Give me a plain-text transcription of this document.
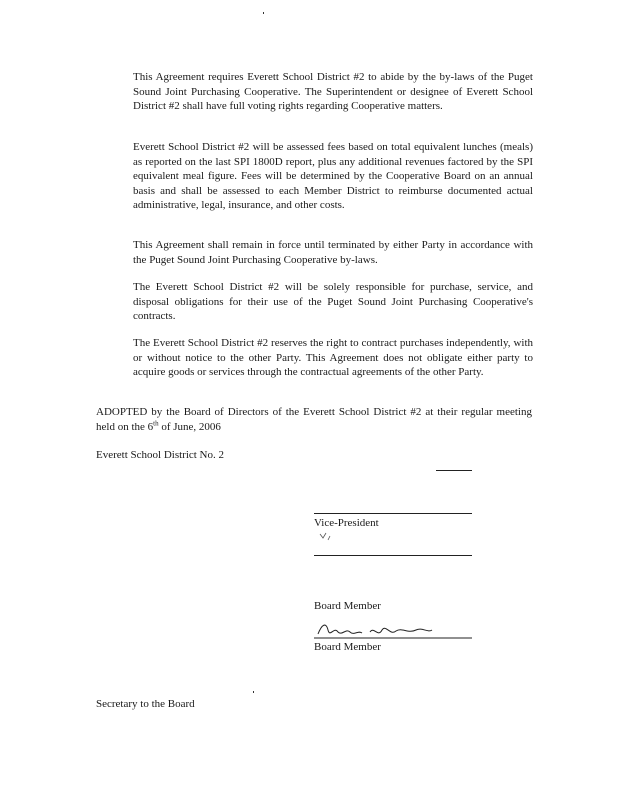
This Agreement requires Everett School District #2 to abide by the by-laws of the Puget Sound Joint Purchasing Cooperative. The Superintendent or designee of Everett School District #2 shall have full voting rights regarding Cooperative matters.

Everett School District #2 will be assessed fees based on total equivalent lunches (meals) as reported on the last SPI 1800D report, plus any additional revenues factored by the SPI equivalent meal figure. Fees will be determined by the Cooperative Board on an annual basis and shall be assessed to each Member District to reimburse documented actual administrative, legal, insurance, and other costs.

This Agreement shall remain in force until terminated by either Party in accordance with the Puget Sound Joint Purchasing Cooperative by-laws.

The Everett School District #2 will be solely responsible for purchase, service, and disposal obligations for their use of the Puget Sound Joint Purchasing Cooperative's contracts.

The Everett School District #2 reserves the right to contract purchases independently, with or without notice to the other Party. This Agreement does not obligate either party to acquire goods or services through the contractual agreements of the other Party.

ADOPTED by the Board of Directors of the Everett School District #2 at their regular meeting held on the 6th of June, 2006

Everett School District No. 2

Vice-President

Board Member

Board Member

Secretary to the Board
